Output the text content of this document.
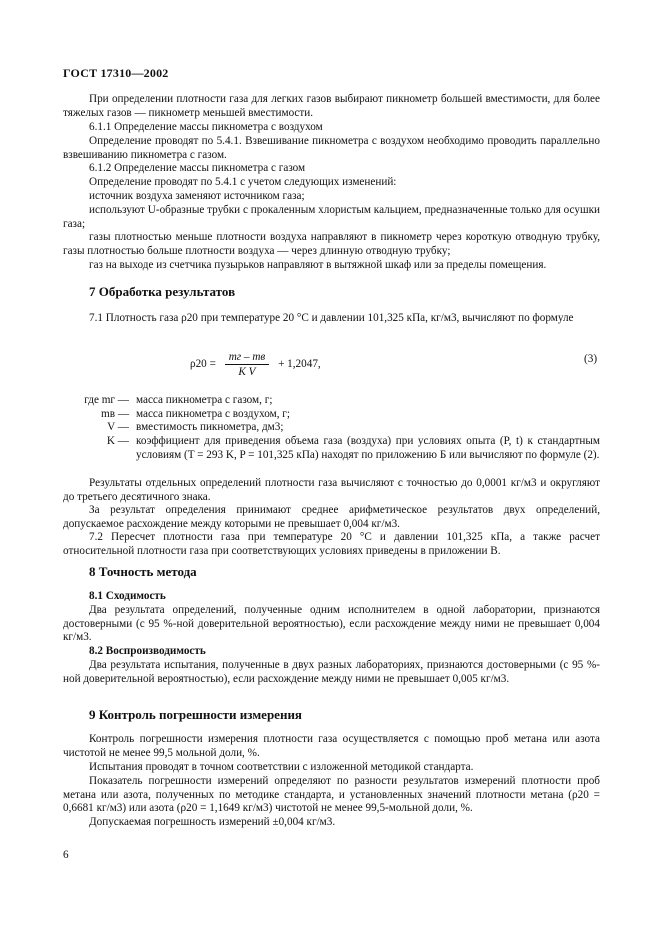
ГОСТ 17310—2002
При определении плотности газа для легких газов выбирают пикнометр большей вместимости, для более тяжелых газов — пикнометр меньшей вместимости.
6.1.1 Определение массы пикнометра с воздухом
Определение проводят по 5.4.1. Взвешивание пикнометра с воздухом необходимо проводить параллельно взвешиванию пикнометра с газом.
6.1.2 Определение массы пикнометра с газом
Определение проводят по 5.4.1 с учетом следующих изменений:
источник воздуха заменяют источником газа;
используют U-образные трубки с прокаленным хлористым кальцием, предназначенные только для осушки газа;
газы плотностью меньше плотности воздуха направляют в пикнометр через короткую отводную трубку, газы плотностью больше плотности воздуха — через длинную отводную трубку;
газ на выходе из счетчика пузырьков направляют в вытяжной шкаф или за пределы помещения.
7 Обработка результатов
7.1 Плотность газа ρ20 при температуре 20 °С и давлении 101,325 кПа, кг/м3, вычисляют по формуле
$\rho 20 = \frac{mг - mв}{\text{K V}} + 1,2047$,	(3)
где mг — масса пикнометра с газом, г;
mв — масса пикнометра с воздухом, г;
V — вместимость пикнометра, дм3;
K — коэффициент для приведения объема газа (воздуха) при условиях опыта (P, t) к стандартным условиям (T = 293 K, P = 101,325 кПа) находят по приложению Б или вычисляют по формуле (2).
Результаты отдельных определений плотности газа вычисляют с точностью до 0,0001 кг/м3 и округляют до третьего десятичного знака.
За результат определения принимают среднее арифметическое результатов двух определений, допускаемое расхождение между которыми не превышает 0,004 кг/м3.
7.2 Пересчет плотности газа при температуре 20 °С и давлении 101,325 кПа, а также расчет относительной плотности газа при соответствующих условиях приведены в приложении В.
8 Точность метода
8.1 Сходимость
Два результата определений, полученные одним исполнителем в одной лаборатории, признаются достоверными (с 95 %-ной доверительной вероятностью), если расхождение между ними не превышает 0,004 кг/м3.
8.2 Воспроизводимость
Два результата испытания, полученные в двух разных лабораториях, признаются достоверными (с 95 %-ной доверительной вероятностью), если расхождение между ними не превышает 0,005 кг/м3.
9 Контроль погрешности измерения
Контроль погрешности измерения плотности газа осуществляется с помощью проб метана или азота чистотой не менее 99,5 мольной доли, %.
Испытания проводят в точном соответствии с изложенной методикой стандарта.
Показатель погрешности измерений определяют по разности результатов измерений плотности проб метана или азота, полученных по методике стандарта, и установленных значений плотности метана (ρ20 = 0,6681 кг/м3) или азота (ρ20 = 1,1649 кг/м3) чистотой не менее 99,5-мольной доли, %.
Допускаемая погрешность измерений ±0,004 кг/м3.
6
